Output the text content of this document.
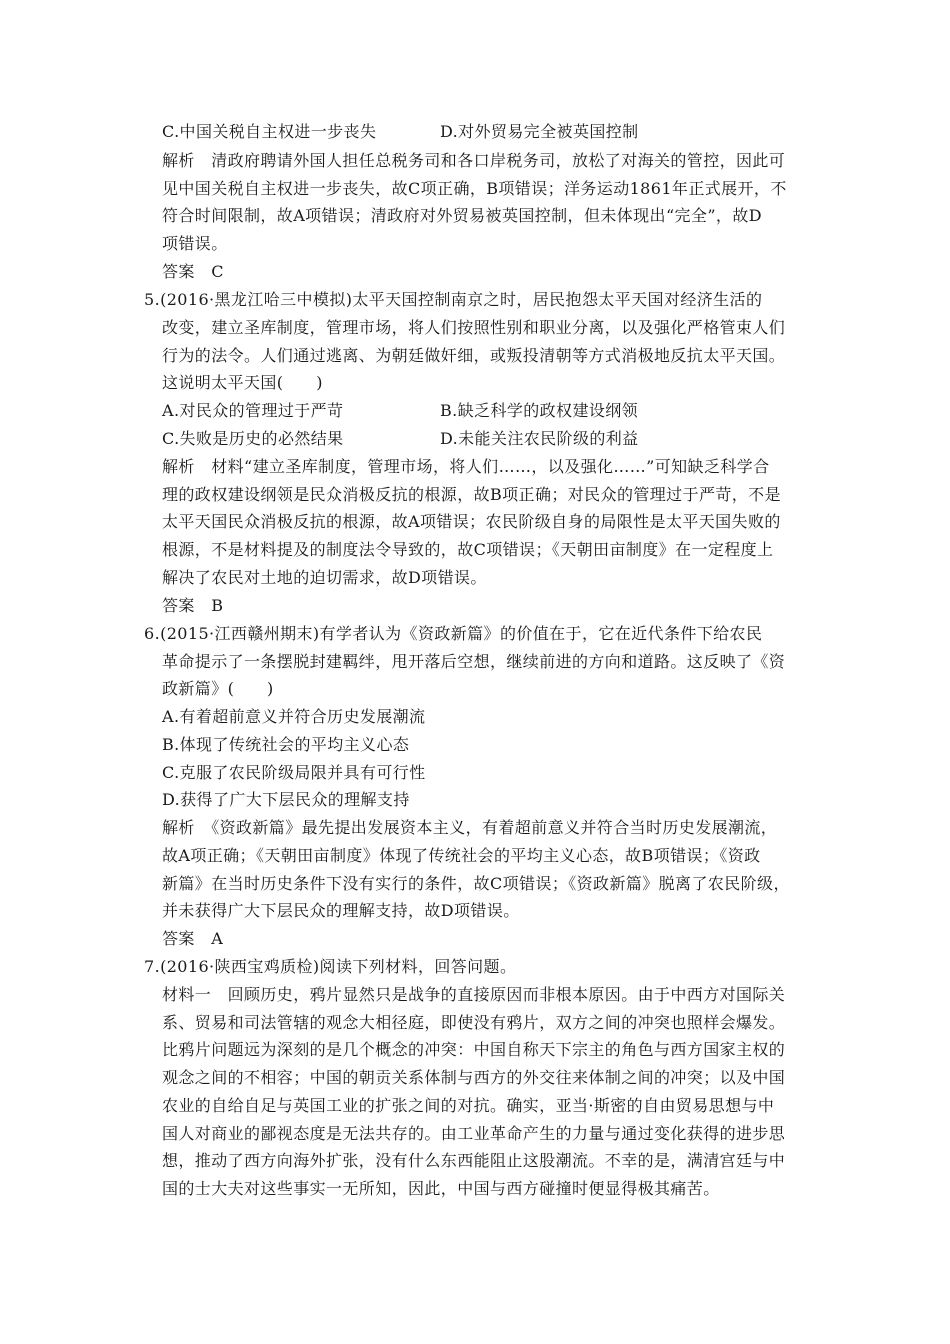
C.中国关税自主权进一步丧失	D.对外贸易完全被英国控制
解析　清政府聘请外国人担任总税务司和各口岸税务司，放松了对海关的管控，因此可
见中国关税自主权进一步丧失，故C项正确，B项错误；洋务运动1861年正式展开，不
符合时间限制，故A项错误；清政府对外贸易被英国控制，但未体现出“完全”，故D
项错误。
答案　C
5.(2016·黑龙江哈三中模拟)太平天国控制南京之时，居民抱怨太平天国对经济生活的
改变，建立圣库制度，管理市场，将人们按照性别和职业分离，以及强化严格管束人们
行为的法令。人们通过逃离、为朝廷做奸细，或叛投清朝等方式消极地反抗太平天国。
这说明太平天国(　　)
A.对民众的管理过于严苛	B.缺乏科学的政权建设纲领
C.失败是历史的必然结果	D.未能关注农民阶级的利益
解析　材料“建立圣库制度，管理市场，将人们……，以及强化……”可知缺乏科学合
理的政权建设纲领是民众消极反抗的根源，故B项正确；对民众的管理过于严苛，不是
太平天国民众消极反抗的根源，故A项错误；农民阶级自身的局限性是太平天国失败的
根源，不是材料提及的制度法令导致的，故C项错误；《天朝田亩制度》在一定程度上
解决了农民对土地的迫切需求，故D项错误。
答案　B
6.(2015·江西赣州期末)有学者认为《资政新篇》的价值在于，它在近代条件下给农民
革命提示了一条摆脱封建羁绊，甩开落后空想，继续前进的方向和道路。这反映了《资
政新篇》(　　)
A.有着超前意义并符合历史发展潮流
B.体现了传统社会的平均主义心态
C.克服了农民阶级局限并具有可行性
D.获得了广大下层民众的理解支持
解析　《资政新篇》最先提出发展资本主义，有着超前意义并符合当时历史发展潮流，
故A项正确；《天朝田亩制度》体现了传统社会的平均主义心态，故B项错误；《资政
新篇》在当时历史条件下没有实行的条件，故C项错误；《资政新篇》脱离了农民阶级，
并未获得广大下层民众的理解支持，故D项错误。
答案　A
7.(2016·陕西宝鸡质检)阅读下列材料，回答问题。
材料一　回顾历史，鸦片显然只是战争的直接原因而非根本原因。由于中西方对国际关
系、贸易和司法管辖的观念大相径庭，即使没有鸦片，双方之间的冲突也照样会爆发。
比鸦片问题远为深刻的是几个概念的冲突：中国自称天下宗主的角色与西方国家主权的
观念之间的不相容；中国的朝贡关系体制与西方的外交往来体制之间的冲突；以及中国
农业的自给自足与英国工业的扩张之间的对抗。确实，亚当·斯密的自由贸易思想与中
国人对商业的鄙视态度是无法共存的。由工业革命产生的力量与通过变化获得的进步思
想，推动了西方向海外扩张，没有什么东西能阻止这股潮流。不幸的是，满清宫廷与中
国的士大夫对这些事实一无所知，因此，中国与西方碰撞时便显得极其痛苦。
